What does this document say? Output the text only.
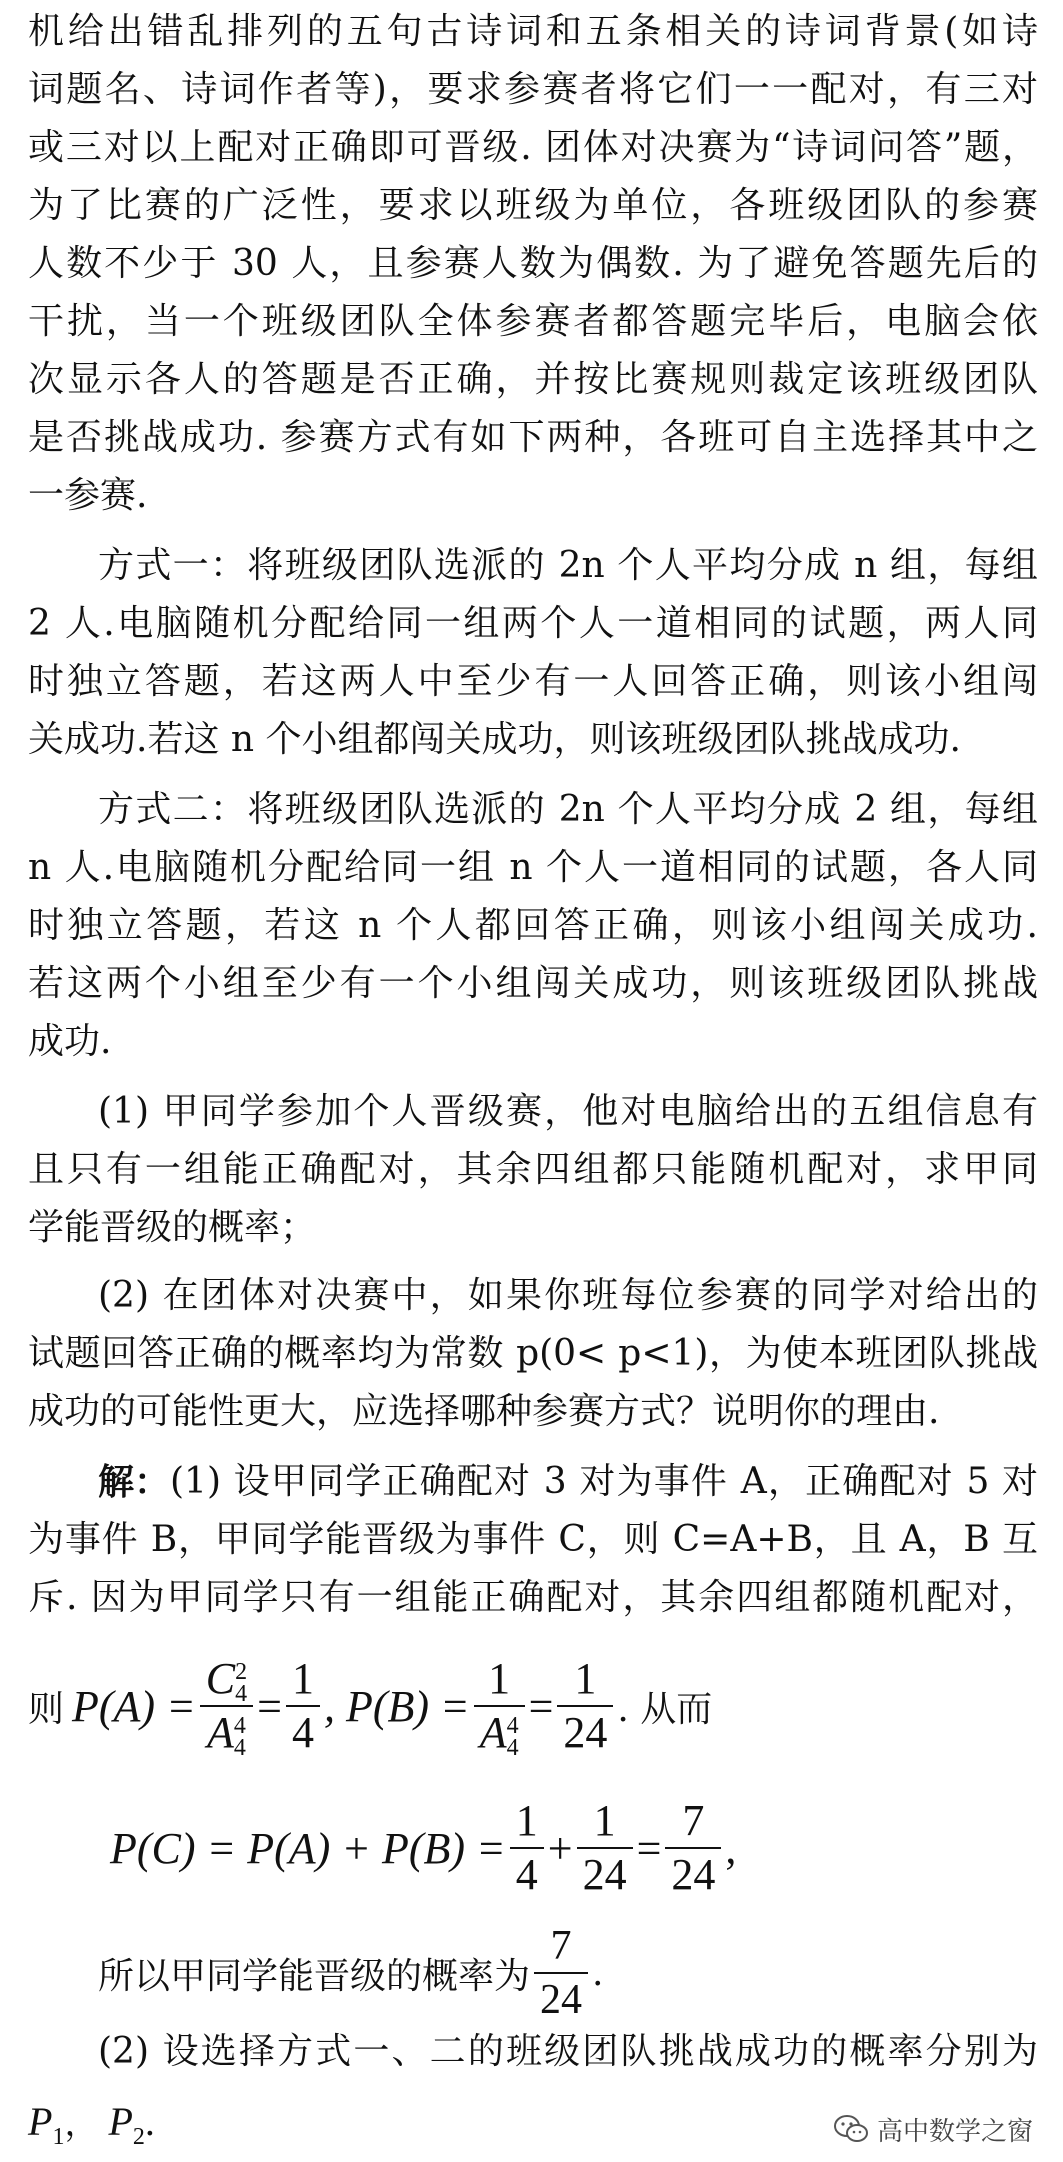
机给出错乱排列的五句古诗词和五条相关的诗词背景(如诗
词题名、诗词作者等)，要求参赛者将它们一一配对，有三对
或三对以上配对正确即可晋级. 团体对决赛为“诗词问答”题，
为了比赛的广泛性，要求以班级为单位，各班级团队的参赛
人数不少于 30 人，且参赛人数为偶数. 为了避免答题先后的
干扰，当一个班级团队全体参赛者都答题完毕后，电脑会依
次显示各人的答题是否正确，并按比赛规则裁定该班级团队
是否挑战成功. 参赛方式有如下两种，各班可自主选择其中之
一参赛.
方式一：将班级团队选派的 2n 个人平均分成 n 组，每组
2 人.电脑随机分配给同一组两个人一道相同的试题，两人同
时独立答题，若这两人中至少有一人回答正确，则该小组闯
关成功.若这 n 个小组都闯关成功，则该班级团队挑战成功.
方式二：将班级团队选派的 2n 个人平均分成 2 组，每组
n 人.电脑随机分配给同一组 n 个人一道相同的试题，各人同
时独立答题，若这 n 个人都回答正确，则该小组闯关成功.
若这两个小组至少有一个小组闯关成功，则该班级团队挑战
成功.
(1) 甲同学参加个人晋级赛，他对电脑给出的五组信息有
且只有一组能正确配对，其余四组都只能随机配对，求甲同
学能晋级的概率；
(2) 在团体对决赛中，如果你班每位参赛的同学对给出的
试题回答正确的概率均为常数 p(0< p<1)，为使本班团队挑战
成功的可能性更大，应选择哪种参赛方式？说明你的理由.
解： (1) 设甲同学正确配对 3 对为事件 A，正确配对 5 对
为事件 B，甲同学能晋级为事件 C，则 C=A+B，且 A，B 互
斥. 因为甲同学只有一组能正确配对，其余四组都随机配对，
则 P(A) = C 2
4
A 4
$4 = \frac{1}{4}$ , P(B) = 1
A 4
$4 = \frac{1}{24}$ . 从而
$P(C) = P(A) + P(B) = \frac{1}{4} + \frac{1}{24} = \frac{7}{24}$ ,
所以甲同学能晋级的概率为 $\frac{7}{24}$ .
(2) 设选择方式一、二的班级团队挑战成功的概率分别为
$P_1$， $P_2$.	高中数学之窗
